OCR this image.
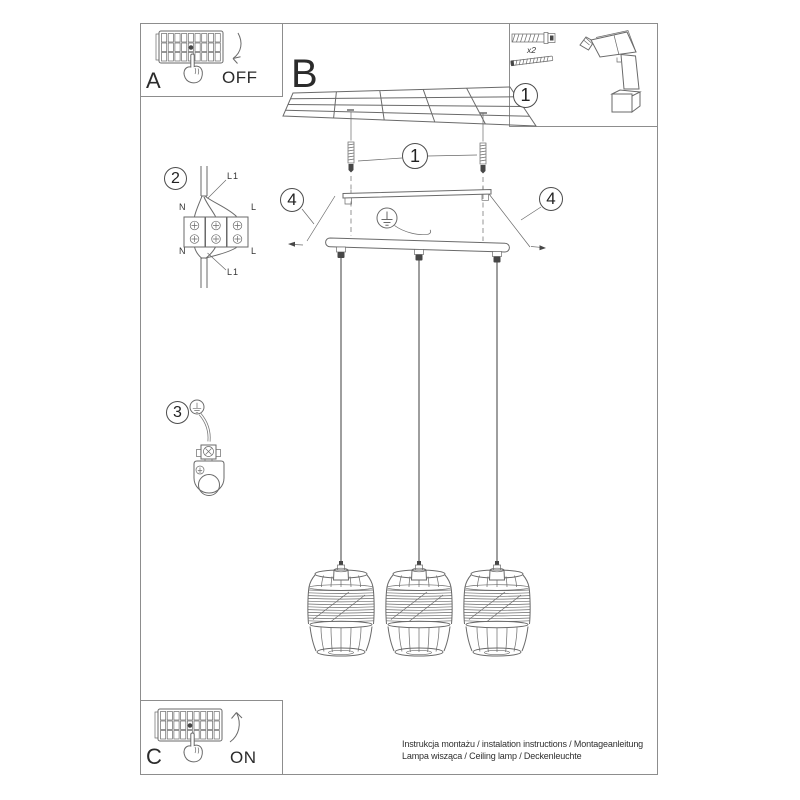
A	B
C
OFF
ON
1
1
2
3
4	4
x2
N	L
L1
N	L
L1
Instrukcja montażu / instalation instructions / Montageanleitung
Lampa wisząca / Ceiling lamp / Deckenleuchte
